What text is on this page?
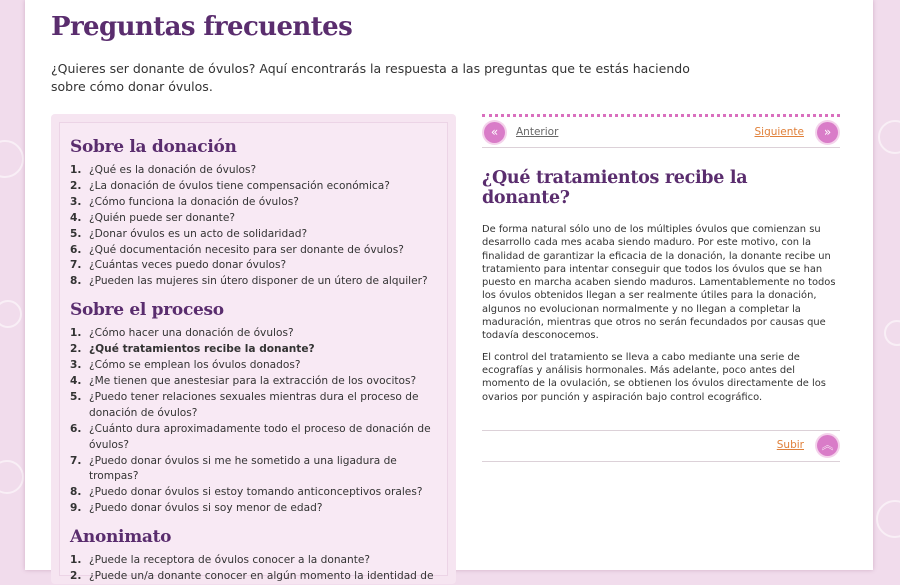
Preguntas frecuentes

¿Quieres ser donante de óvulos? Aquí encontrarás la respuesta a las preguntas que te estás haciendo sobre cómo donar óvulos.

Sobre la donación
¿Qué es la donación de óvulos?
¿La donación de óvulos tiene compensación económica?
¿Cómo funciona la donación de óvulos?
¿Quién puede ser donante?
¿Donar óvulos es un acto de solidaridad?
¿Qué documentación necesito para ser donante de óvulos?
¿Cuántas veces puedo donar óvulos?
¿Pueden las mujeres sin útero disponer de un útero de alquiler?
Sobre el proceso
¿Cómo hacer una donación de óvulos?
¿Qué tratamientos recibe la donante?
¿Cómo se emplean los óvulos donados?
¿Me tienen que anestesiar para la extracción de los ovocitos?
¿Puedo tener relaciones sexuales mientras dura el proceso de donación de óvulos?
¿Cuánto dura aproximadamente todo el proceso de donación de óvulos?
¿Puedo donar óvulos si me he sometido a una ligadura de trompas?
¿Puedo donar óvulos si estoy tomando anticonceptivos orales?
¿Puedo donar óvulos si soy menor de edad?
Anonimato
¿Puede la receptora de óvulos conocer a la donante?
¿Puede un/a donante conocer en algún momento la identidad de
«	Anterior	Siguiente	»
¿Qué tratamientos recibe la donante?

De forma natural sólo uno de los múltiples óvulos que comienzan su desarrollo cada mes acaba siendo maduro. Por este motivo, con la finalidad de garantizar la eficacia de la donación, la donante recibe un tratamiento para intentar conseguir que todos los óvulos que se han puesto en marcha acaben siendo maduros. Lamentablemente no todos los óvulos obtenidos llegan a ser realmente útiles para la donación, algunos no evolucionan normalmente y no llegan a completar la maduración, mientras que otros no serán fecundados por causas que todavía desconocemos.

El control del tratamiento se lleva a cabo mediante una serie de ecografías y análisis hormonales. Más adelante, poco antes del momento de la ovulación, se obtienen los óvulos directamente de los ovarios por punción y aspiración bajo control ecográfico.

Subir	︽
